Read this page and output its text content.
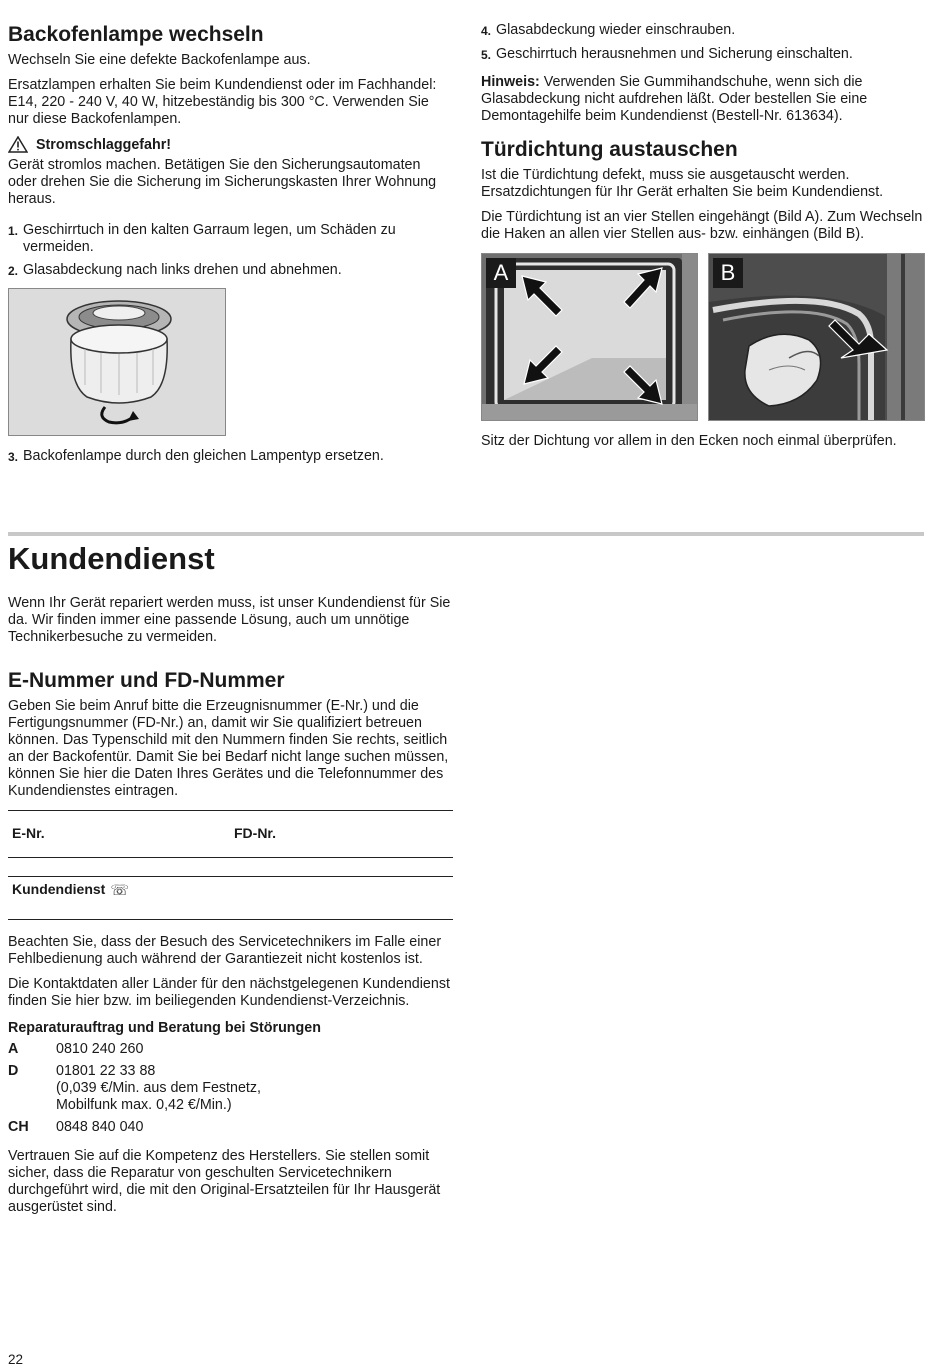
Backofenlampe wechseln

Wechseln Sie eine defekte Backofenlampe aus.

Ersatzlampen erhalten Sie beim Kundendienst oder im Fachhandel: E14, 220 - 240 V, 40 W, hitzebeständig bis 300 °C. Verwenden Sie nur diese Backofenlampen.

Stromschlaggefahr!

Gerät stromlos machen. Betätigen Sie den Sicherungsautomaten oder drehen Sie die Sicherung im Sicherungskasten Ihrer Wohnung heraus.

1. Geschirrtuch in den kalten Garraum legen, um Schäden zu vermeiden.
2. Glasabdeckung nach links drehen und abnehmen.
3. Backofenlampe durch den gleichen Lampentyp ersetzen.
4. Glasabdeckung wieder einschrauben.
5. Geschirrtuch herausnehmen und Sicherung einschalten.

Hinweis: Verwenden Sie Gummihandschuhe, wenn sich die Glasabdeckung nicht aufdrehen läßt. Oder bestellen Sie eine Demontagehilfe beim Kundendienst (Bestell-Nr. 613634).

Türdichtung austauschen

Ist die Türdichtung defekt, muss sie ausgetauscht werden. Ersatzdichtungen für Ihr Gerät erhalten Sie beim Kundendienst.

Die Türdichtung ist an vier Stellen eingehängt (Bild A). Zum Wechseln die Haken an allen vier Stellen aus- bzw. einhängen (Bild B).

A	B

Sitz der Dichtung vor allem in den Ecken noch einmal überprüfen.

Kundendienst

Wenn Ihr Gerät repariert werden muss, ist unser Kundendienst für Sie da. Wir finden immer eine passende Lösung, auch um unnötige Technikerbesuche zu vermeiden.

E-Nummer und FD-Nummer

Geben Sie beim Anruf bitte die Erzeugnisnummer (E-Nr.) und die Fertigungsnummer (FD-Nr.) an, damit wir Sie qualifiziert betreuen können. Das Typenschild mit den Nummern finden Sie rechts, seitlich an der Backofentür. Damit Sie bei Bedarf nicht lange suchen müssen, können Sie hier die Daten Ihres Gerätes und die Telefonnummer des Kundendienstes eintragen.

E-Nr.	FD-Nr.
Kundendienst ☏

Beachten Sie, dass der Besuch des Servicetechnikers im Falle einer Fehlbedienung auch während der Garantiezeit nicht kostenlos ist.

Die Kontaktdaten aller Länder für den nächstgelegenen Kundendienst finden Sie hier bzw. im beiliegenden Kundendienst-Verzeichnis.

Reparaturauftrag und Beratung bei Störungen

A	0810 240 260
D	01801 22 33 88
(0,039 €/Min. aus dem Festnetz,
Mobilfunk max. 0,42 €/Min.)
CH	0848 840 040

Vertrauen Sie auf die Kompetenz des Herstellers. Sie stellen somit sicher, dass die Reparatur von geschulten Servicetechnikern durchgeführt wird, die mit den Original-Ersatzteilen für Ihr Hausgerät ausgerüstet sind.

22
